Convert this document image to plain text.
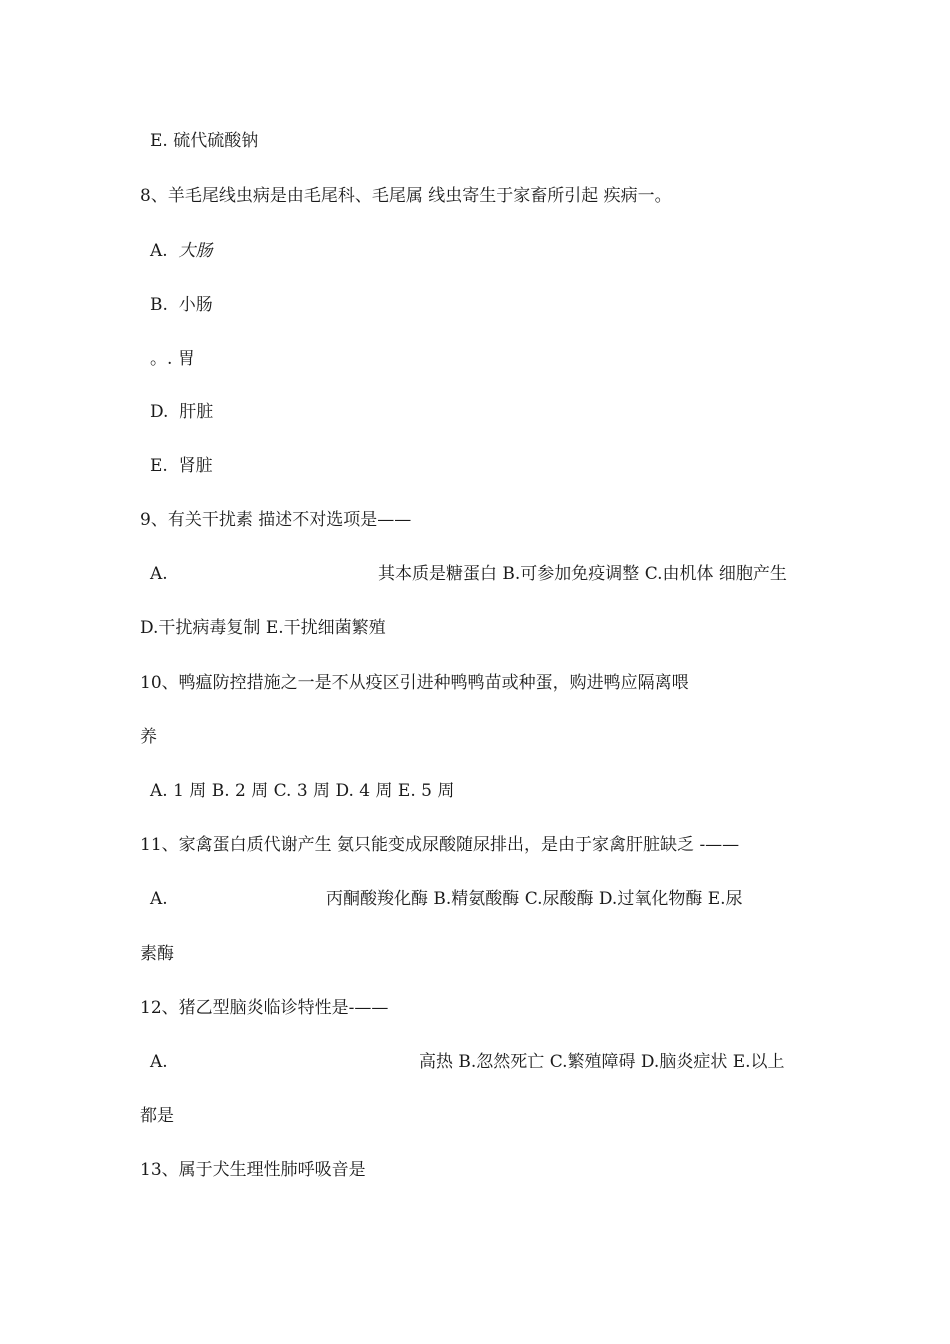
E. 硫代硫酸钠
8、羊毛尾线虫病是由毛尾科、毛尾属 线虫寄生于家畜所引起 疾病一。
A. 大肠
B. 小肠
。. 胃
D. 肝脏
E. 肾脏
9、有关干扰素 描述不对选项是——
A.	其本质是糖蛋白 B.可参加免疫调整 C.由机体 细胞产生
D.干扰病毒复制 E.干扰细菌繁殖
10、鸭瘟防控措施之一是不从疫区引进种鸭鸭苗或种蛋，购进鸭应隔离喂
养
A. 1 周 B. 2 周 C. 3 周 D. 4 周 E. 5 周
11、家禽蛋白质代谢产生 氨只能变成尿酸随尿排出，是由于家禽肝脏缺乏 -——
A.	丙酮酸羧化酶 B.精氨酸酶 C.尿酸酶 D.过氧化物酶 E.尿
素酶
12、猪乙型脑炎临诊特性是-——
A.	高热 B.忽然死亡 C.繁殖障碍 D.脑炎症状 E.以上
都是
13、属于犬生理性肺呼吸音是
